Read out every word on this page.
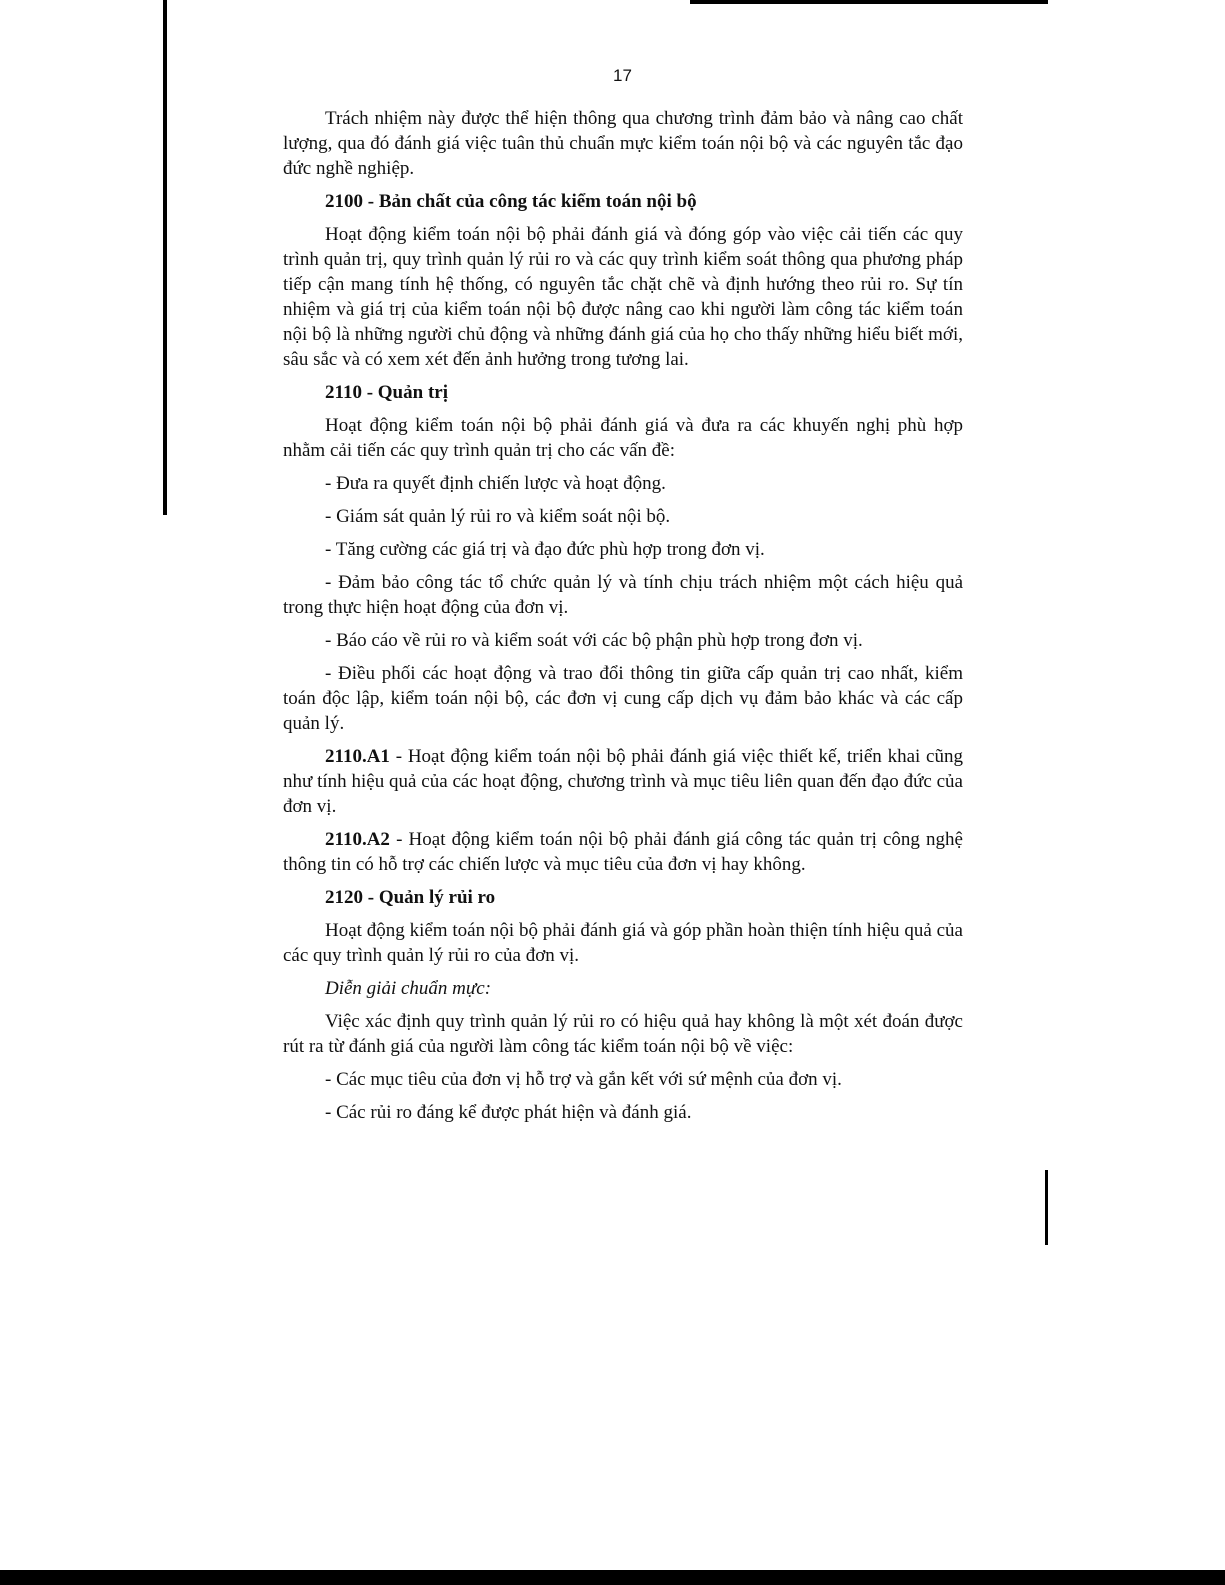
17

Trách nhiệm này được thể hiện thông qua chương trình đảm bảo và nâng cao chất lượng, qua đó đánh giá việc tuân thủ chuẩn mực kiểm toán nội bộ và các nguyên tắc đạo đức nghề nghiệp.

2100 - Bản chất của công tác kiểm toán nội bộ

Hoạt động kiểm toán nội bộ phải đánh giá và đóng góp vào việc cải tiến các quy trình quản trị, quy trình quản lý rủi ro và các quy trình kiểm soát thông qua phương pháp tiếp cận mang tính hệ thống, có nguyên tắc chặt chẽ và định hướng theo rủi ro. Sự tín nhiệm và giá trị của kiểm toán nội bộ được nâng cao khi người làm công tác kiểm toán nội bộ là những người chủ động và những đánh giá của họ cho thấy những hiểu biết mới, sâu sắc và có xem xét đến ảnh hưởng trong tương lai.

2110 - Quản trị

Hoạt động kiểm toán nội bộ phải đánh giá và đưa ra các khuyến nghị phù hợp nhằm cải tiến các quy trình quản trị cho các vấn đề:

- Đưa ra quyết định chiến lược và hoạt động.

- Giám sát quản lý rủi ro và kiểm soát nội bộ.

- Tăng cường các giá trị và đạo đức phù hợp trong đơn vị.

- Đảm bảo công tác tổ chức quản lý và tính chịu trách nhiệm một cách hiệu quả trong thực hiện hoạt động của đơn vị.

- Báo cáo về rủi ro và kiểm soát với các bộ phận phù hợp trong đơn vị.

- Điều phối các hoạt động và trao đổi thông tin giữa cấp quản trị cao nhất, kiểm toán độc lập, kiểm toán nội bộ, các đơn vị cung cấp dịch vụ đảm bảo khác và các cấp quản lý.

2110.A1 - Hoạt động kiểm toán nội bộ phải đánh giá việc thiết kế, triển khai cũng như tính hiệu quả của các hoạt động, chương trình và mục tiêu liên quan đến đạo đức của đơn vị.

2110.A2 - Hoạt động kiểm toán nội bộ phải đánh giá công tác quản trị công nghệ thông tin có hỗ trợ các chiến lược và mục tiêu của đơn vị hay không.

2120 - Quản lý rủi ro

Hoạt động kiểm toán nội bộ phải đánh giá và góp phần hoàn thiện tính hiệu quả của các quy trình quản lý rủi ro của đơn vị.

Diễn giải chuẩn mực:

Việc xác định quy trình quản lý rủi ro có hiệu quả hay không là một xét đoán được rút ra từ đánh giá của người làm công tác kiểm toán nội bộ về việc:

- Các mục tiêu của đơn vị hỗ trợ và gắn kết với sứ mệnh của đơn vị.

- Các rủi ro đáng kể được phát hiện và đánh giá.
